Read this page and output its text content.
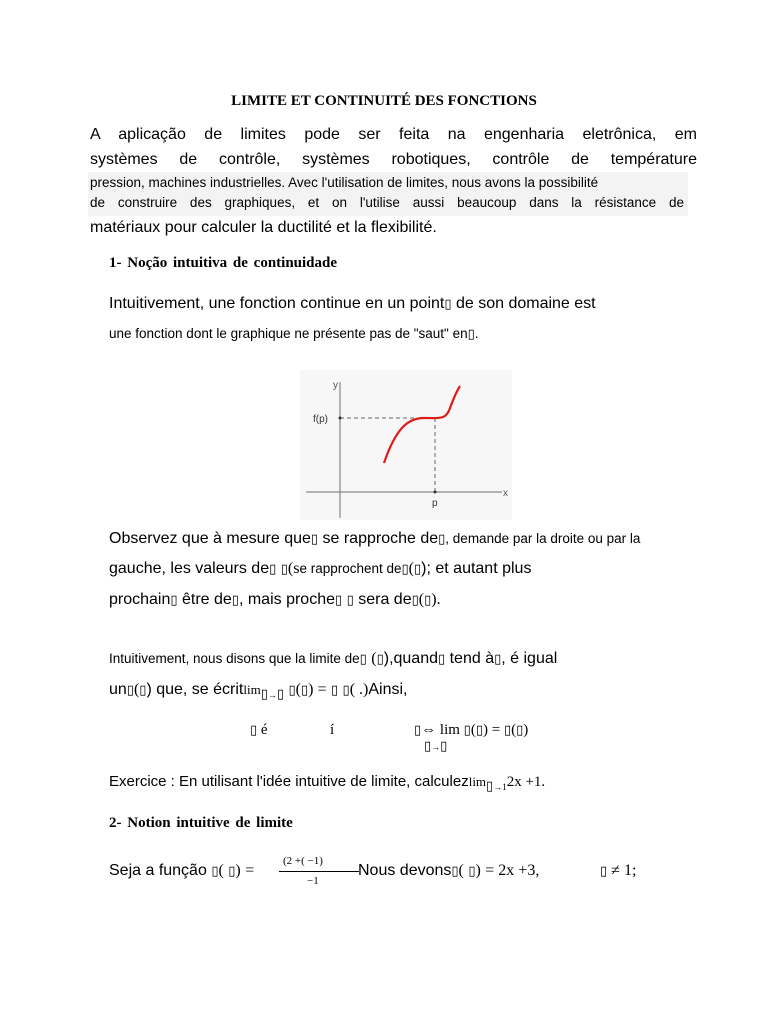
LIMITE ET CONTINUITÉ DES FONCTIONS
A aplicação de limites pode ser feita na engenharia eletrônica, em
systèmes de contrôle, systèmes robotiques, contrôle de température
pression, machines industrielles. Avec l'utilisation de limites, nous avons la possibilité
de construire des graphiques, et on l'utilise aussi beaucoup dans la résistance de
matériaux pour calculer la ductilité et la flexibilité.
1- Noção intuitiva de continuidade
Intuitivement, une fonction continue en un point▯ de son domaine est
une fonction dont le graphique ne présente pas de "saut" en▯.
y
x
f(p)
p
Observez que à mesure que▯ se rapproche de▯, demande par la droite ou par la
gauche, les valeurs de▯ ▯(se rapprochent de▯(▯); et autant plus
prochain▯ être de▯, mais proche▯ ▯ sera de▯(▯).
Intuitivement, nous disons que la limite de▯ (▯),quand▯ tend à▯, é igual
un▯(▯) que, se écritlim$_{▯\to▯}$ ▯(▯) = ▯ ▯( .)Ainsi,
▯ é	í	▯⇔ lim ▯(▯) = ▯(▯)
▯→▯
Exercice : En utilisant l'idée intuitive de limite, calculezlim$_{▯\to 1}$2x +1.
2- Notion intuitive de limite
Seja a função ▯( ▯) =
(2 +( −1)
−1
Nous devons▯( ▯) = 2x +3,	▯ ≠ 1;
